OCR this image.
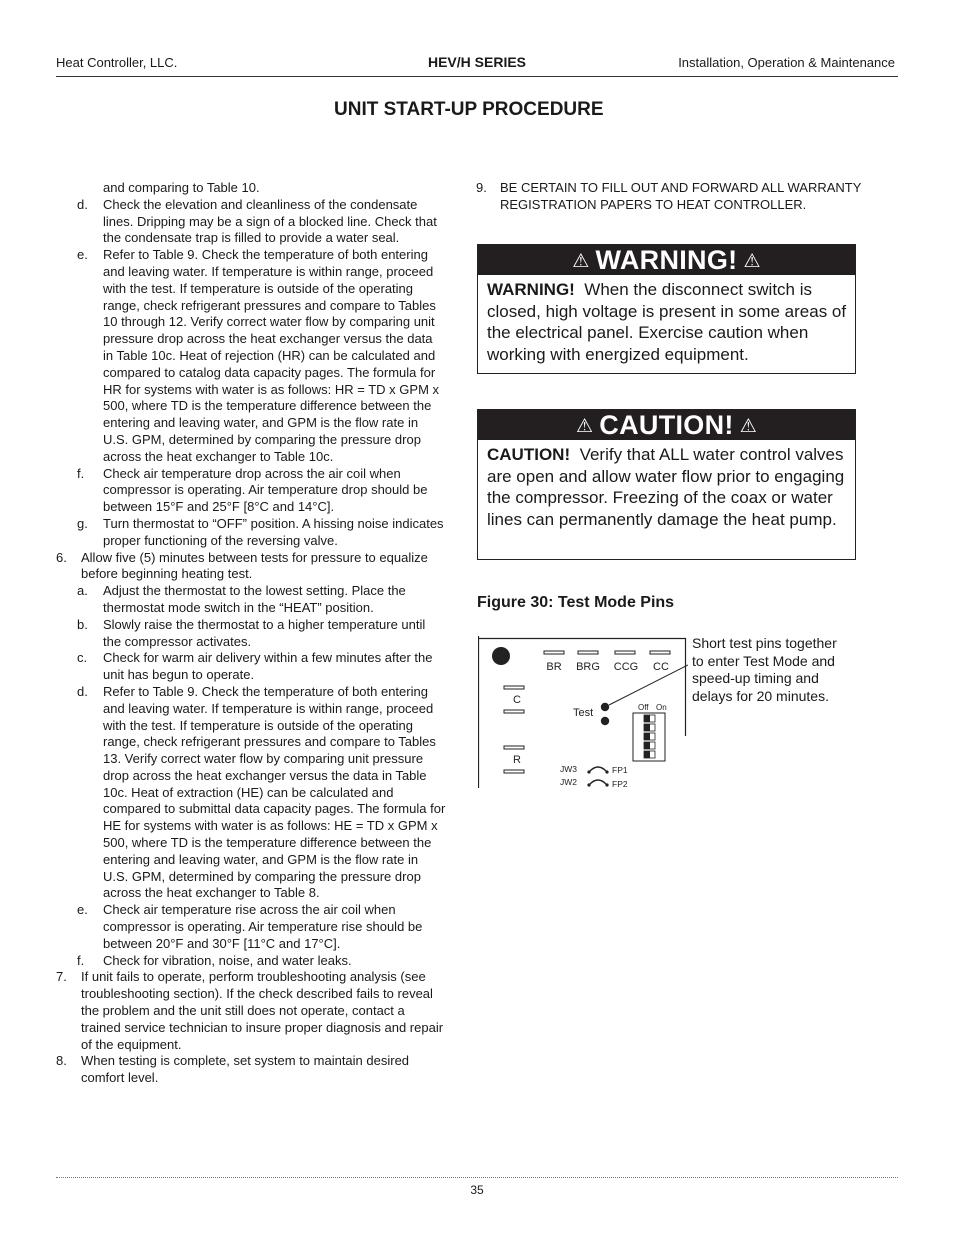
Heat Controller, LLC.	HEV/H SERIES	Installation, Operation & Maintenance
UNIT START-UP PROCEDURE
and comparing to Table 10.
d. Check the elevation and cleanliness of the condensate lines. Dripping may be a sign of a blocked line. Check that the condensate trap is filled to provide a water seal.
e. Refer to Table 9. Check the temperature of both entering and leaving water. If temperature is within range, proceed with the test. If temperature is outside of the operating range, check refrigerant pressures and compare to Tables 10 through 12. Verify correct water flow by comparing unit pressure drop across the heat exchanger versus the data in Table 10c. Heat of rejection (HR) can be calculated and compared to catalog data capacity pages. The formula for HR for systems with water is as follows: HR = TD x GPM x 500, where TD is the temperature difference between the entering and leaving water, and GPM is the flow rate in U.S. GPM, determined by comparing the pressure drop across the heat exchanger to Table 10c.
f. Check air temperature drop across the air coil when compressor is operating. Air temperature drop should be between 15°F and 25°F [8°C and 14°C].
g. Turn thermostat to “OFF” position. A hissing noise indicates proper functioning of the reversing valve.
6. Allow five (5) minutes between tests for pressure to equalize before beginning heating test.
a. Adjust the thermostat to the lowest setting. Place the thermostat mode switch in the “HEAT” position.
b. Slowly raise the thermostat to a higher temperature until the compressor activates.
c. Check for warm air delivery within a few minutes after the unit has begun to operate.
d. Refer to Table 9. Check the temperature of both entering and leaving water. If temperature is within range, proceed with the test. If temperature is outside of the operating range, check refrigerant pressures and compare to Tables 13. Verify correct water flow by comparing unit pressure drop across the heat exchanger versus the data in Table 10c. Heat of extraction (HE) can be calculated and compared to submittal data capacity pages. The formula for HE for systems with water is as follows: HE = TD x GPM x 500, where TD is the temperature difference between the entering and leaving water, and GPM is the flow rate in U.S. GPM, determined by comparing the pressure drop across the heat exchanger to Table 8.
e. Check air temperature rise across the air coil when compressor is operating. Air temperature rise should be between 20°F and 30°F [11°C and 17°C].
f. Check for vibration, noise, and water leaks.
7. If unit fails to operate, perform troubleshooting analysis (see troubleshooting section). If the check described fails to reveal the problem and the unit still does not operate, contact a trained service technician to insure proper diagnosis and repair of the equipment.
8. When testing is complete, set system to maintain desired comfort level.
9. BE CERTAIN TO FILL OUT AND FORWARD ALL WARRANTY REGISTRATION PAPERS TO HEAT CONTROLLER.
⚠ WARNING! ⚠
WARNING! When the disconnect switch is closed, high voltage is present in some areas of the electrical panel. Exercise caution when working with energized equipment.
⚠ CAUTION! ⚠
CAUTION! Verify that ALL water control valves are open and allow water flow prior to engaging the compressor. Freezing of the coax or water lines can permanently damage the heat pump.
Figure 30: Test Mode Pins
BR BRG CCG CC
C
R
Test	Off On
JW3
JW2
FP1
FP2
Short test pins together to enter Test Mode and speed-up timing and delays for 20 minutes.
35
